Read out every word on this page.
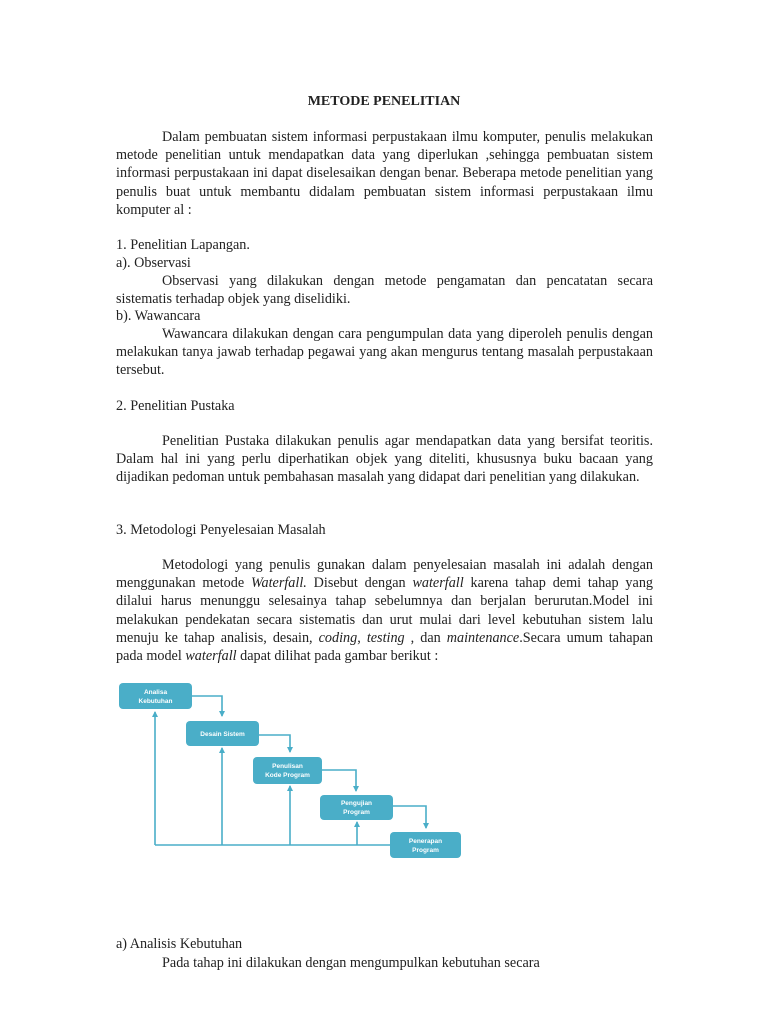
METODE PENELITIAN

Dalam pembuatan sistem informasi perpustakaan ilmu komputer, penulis melakukan metode penelitian untuk mendapatkan data yang diperlukan ,sehingga pembuatan sistem informasi perpustakaan ini dapat diselesaikan dengan benar. Beberapa metode penelitian yang penulis buat untuk membantu didalam pembuatan sistem informasi perpustakaan ilmu komputer al :

1. Penelitian Lapangan.
a). Observasi

Observasi yang dilakukan dengan metode pengamatan dan pencatatan secara sistematis terhadap objek yang diselidiki.

b). Wawancara

Wawancara dilakukan dengan cara pengumpulan data yang diperoleh penulis dengan melakukan tanya jawab terhadap pegawai yang akan mengurus tentang masalah perpustakaan tersebut.

2. Penelitian Pustaka

Penelitian Pustaka dilakukan penulis agar mendapatkan data yang bersifat teoritis. Dalam hal ini yang perlu diperhatikan objek yang diteliti, khususnya buku bacaan yang dijadikan pedoman untuk pembahasan masalah yang didapat dari penelitian yang dilakukan.

3. Metodologi Penyelesaian Masalah

Metodologi yang penulis gunakan dalam penyelesaian masalah ini adalah dengan menggunakan metode Waterfall. Disebut dengan waterfall karena tahap demi tahap yang dilalui harus menunggu selesainya tahap sebelumnya dan berjalan berurutan.Model ini melakukan pendekatan secara sistematis dan urut mulai dari level kebutuhan sistem lalu menuju ke tahap analisis, desain, coding, testing , dan maintenance.Secara umum tahapan pada model waterfall dapat dilihat pada gambar berikut :

Analisa
Kebutuhan
Desain Sistem
Penulisan
Kode Program
Pengujian
Program
Penerapan
Program
a) Analisis Kebutuhan
Pada tahap ini dilakukan dengan mengumpulkan kebutuhan secara
